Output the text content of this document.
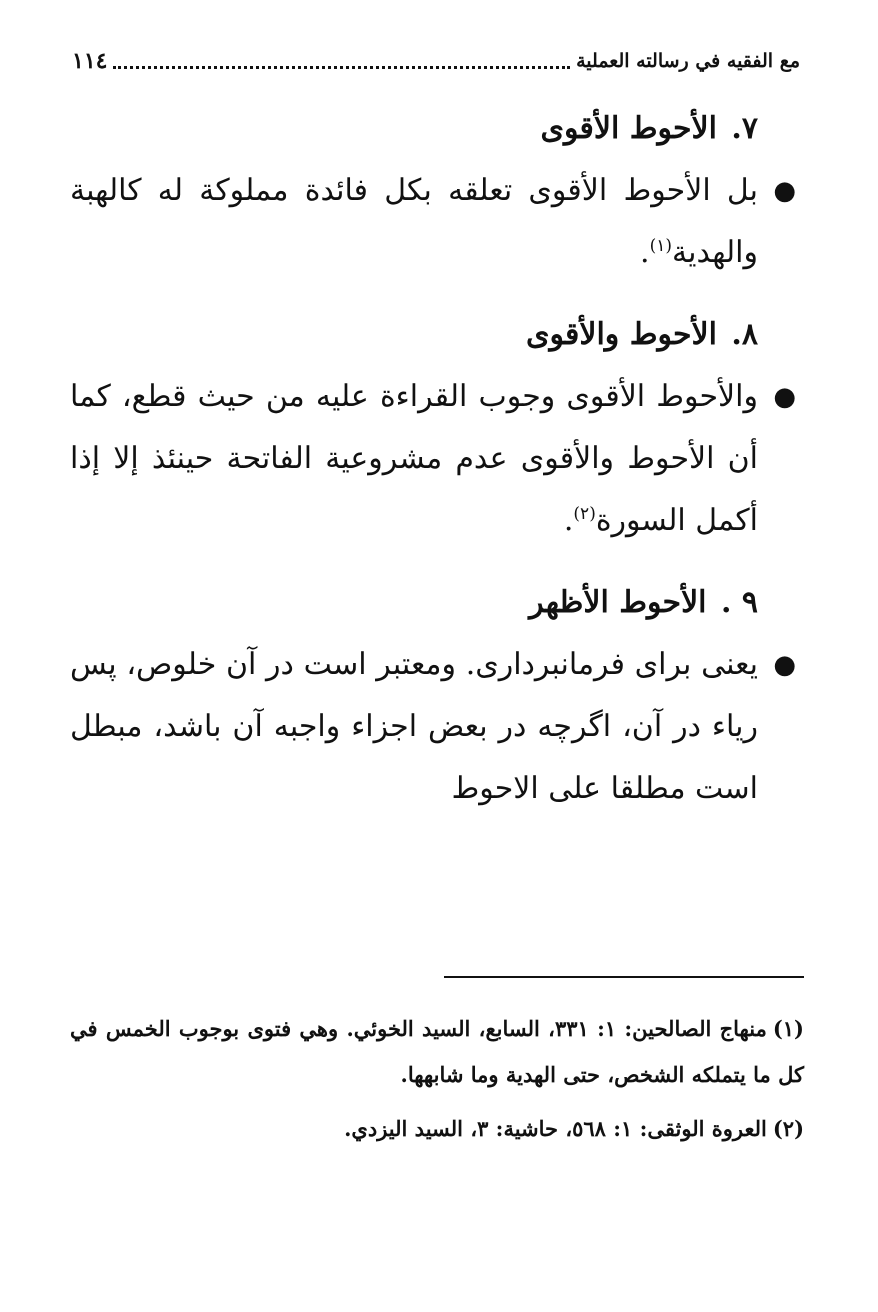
مع الفقيه في رسالته العملية
١١٤
٧. الأحوط الأقوى

●
بل الأحوط الأقوى تعلقه بكل فائدة مملوكة له كالهبة والهدية$^{(١)}$.

٨. الأحوط والأقوى

●
والأحوط الأقوى وجوب القراءة عليه من حيث قطع، كما أن الأحوط والأقوى عدم مشروعية الفاتحة حينئذ إلا إذا أكمل السورة$^{(٢)}$.

٩ . الأحوط الأظهر

●
يعنى براى فرمانبردارى. ومعتبر است در آن خلوص، پس رياء در آن، اگرچه در بعض اجزاء واجبه آن باشد، مبطل است مطلقا على الاحوط

(١)منهاج الصالحين: ١: ٣٣١، السابع، السيد الخوئي. وهي فتوى بوجوب الخمس في كل ما يتملكه الشخص، حتى الهدية وما شابهها.

(٢)العروة الوثقى: ١: ٥٦٨، حاشية: ٣، السيد اليزدي.
